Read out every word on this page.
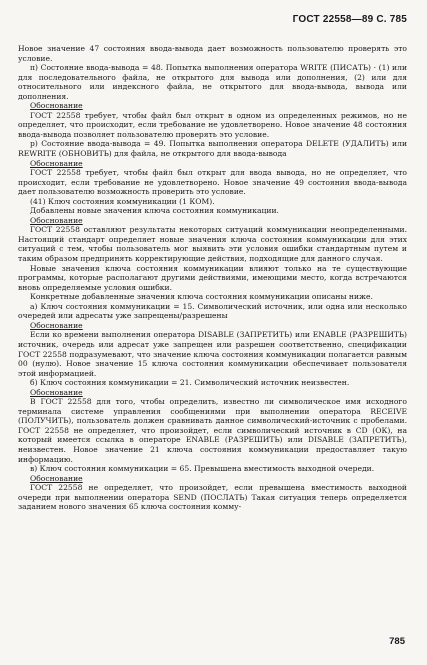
ГОСТ 22558—89 С. 785

Новое значение 47 состояния ввода-вывода дает возможность пользователю проверять это условие.

п) Состояние ввода-вывода = 48. Попытка выполнения оператора WRITE (ПИСАТЬ) · (1) или для последовательного файла, не открытого для вывода или дополнения, (2) или для относительного или индексного файла, не открытого для ввода-вывода, вывода или дополнения.

Обоснование

ГОСТ 22558 требует, чтобы файл был открыт в одном из определенных режимов, но не определяет, что происходит, если требование не удовлетворено. Новое значение 48 состояния ввода-вывода позволяет пользователю проверять это условие.

р) Состояние ввода-вывода = 49. Попытка выполнения оператора DELETE (УДАЛИТЬ) или REWRITE (ОБНОВИТЬ) для файла, не открытого для ввода-вывода

Обоснование

ГОСТ 22558 требует, чтобы файл был открыт для ввода вывода, но не определяет, что происходит, если требование не удовлетворено. Новое значение 49 состояния ввода-вывода дает пользователю возможность проверить это условие.

(41) Ключ состояния коммуникации (1 КОМ).

Добавлены новые значения ключа состояния коммуникации.

Обоснование

ГОСТ 22558 оставляют результаты некоторых ситуаций коммуникации неопределенными. Настоящий стандарт определяет новые значения ключа состояния коммуникации для этих ситуаций с тем, чтобы пользователь мог выявить эти условия ошибки стандартным путем и таким образом предпринять корректирующие действия, подходящие для данного случая.

Новые значения ключа состояния коммуникации влияют только на те существующие программы, которые располагают другими действиями, имеющими место, когда встречаются вновь определяемые условия ошибки.

Конкретные добавленные значения ключа состояния коммуникации описаны ниже.

а) Ключ состояния коммуникации = 15. Символический источник, или одна или несколько очередей или адресаты уже запрещены/разрешены

Обоснование

Если ко времени выполнения оператора DISABLE (ЗАПРЕТИТЬ) или ENABLE (РАЗРЕШИТЬ) источник, очередь или адресат уже запрещен или разрешен соответственно, спецификации ГОСТ 22558 подразумевают, что значение ключа состояния коммуникации полагается равным 00 (нулю). Новое значение 15 ключа состояния коммуникации обеспечивает пользователя этой информацией.

б) Ключ состояния коммуникации = 21. Символический источник неизвестен.

Обоснование

В ГОСТ 22558 для того, чтобы определить, известно ли символическое имя исходного терминала системе управления сообщениями при выполнении оператора RECEIVE (ПОЛУЧИТЬ), пользователь должен сравнивать данное символический-источник с пробелами. ГОСТ 22558 не определяет, что произойдет, если символический источник в CD (ОК), на который имеется ссылка в операторе ENABLE (РАЗРЕШИТЬ) или DISABLE (ЗАПРЕТИТЬ), неизвестен. Новое значение 21 ключа состояния коммуникации предоставляет такую информацию.

в) Ключ состояния коммуникации = 65. Превышена вместимость выходной очереди.

Обоснование

ГОСТ 22558 не определяет, что произойдет, если превышена вместимость выходной очереди при выполнении оператора SEND (ПОСЛАТЬ) Такая ситуация теперь определяется заданием нового значения 65 ключа состояния комму-

785
